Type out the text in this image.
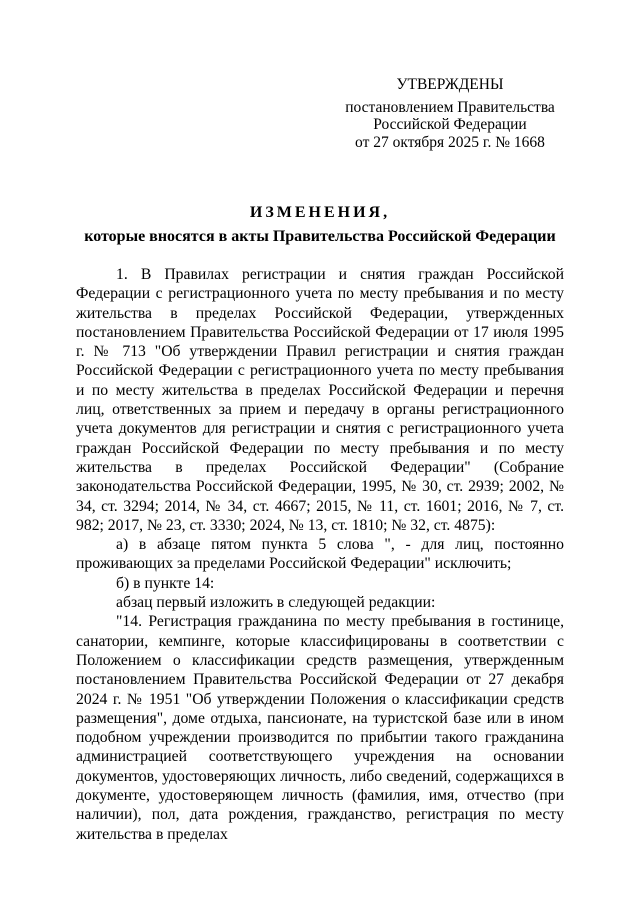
УТВЕРЖДЕНЫ
постановлением Правительства
Российской Федерации
от 27 октября 2025 г. № 1668
ИЗМЕНЕНИЯ,
которые вносятся в акты Правительства Российской Федерации

1. В Правилах регистрации и снятия граждан Российской Федерации с регистрационного учета по месту пребывания и по месту жительства в пределах Российской Федерации, утвержденных постановлением Правительства Российской Федерации от 17 июля 1995 г. № 713 "Об утверждении Правил регистрации и снятия граждан Российской Федерации с регистрационного учета по месту пребывания и по месту жительства в пределах Российской Федерации и перечня лиц, ответственных за прием и передачу в органы регистрационного учета документов для регистрации и снятия с регистрационного учета граждан Российской Федерации по месту пребывания и по месту жительства в пределах Российской Федерации" (Собрание законодательства Российской Федерации, 1995, № 30, ст. 2939; 2002, № 34, ст. 3294; 2014, № 34, ст. 4667; 2015, № 11, ст. 1601; 2016, № 7, ст. 982; 2017, № 23, ст. 3330; 2024, № 13, ст. 1810; № 32, ст. 4875):

а) в абзаце пятом пункта 5 слова ", - для лиц, постоянно проживающих за пределами Российской Федерации" исключить;

б) в пункте 14:

абзац первый изложить в следующей редакции:

"14. Регистрация гражданина по месту пребывания в гостинице, санатории, кемпинге, которые классифицированы в соответствии с Положением о классификации средств размещения, утвержденным постановлением Правительства Российской Федерации от 27 декабря 2024 г. № 1951 "Об утверждении Положения о классификации средств размещения", доме отдыха, пансионате, на туристской базе или в ином подобном учреждении производится по прибытии такого гражданина администрацией соответствующего учреждения на основании документов, удостоверяющих личность, либо сведений, содержащихся в документе, удостоверяющем личность (фамилия, имя, отчество (при наличии), пол, дата рождения, гражданство, регистрация по месту жительства в пределах
